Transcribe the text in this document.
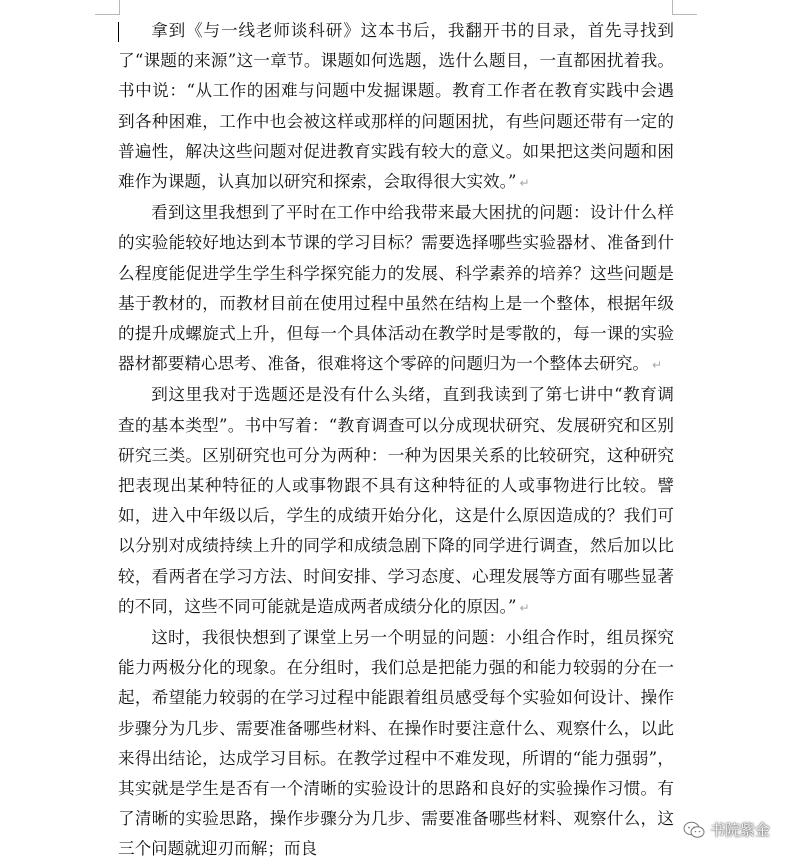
拿到《与一线老师谈科研》这本书后，我翻开书的目录，首先寻找到了“课题的来源”这一章节。课题如何选题，选什么题目，一直都困扰着我。书中说：“从工作的困难与问题中发掘课题。教育工作者在教育实践中会遇到各种困难，工作中也会被这样或那样的问题困扰，有些问题还带有一定的普遍性，解决这些问题对促进教育实践有较大的意义。如果把这类问题和困难作为课题，认真加以研究和探索，会取得很大实效。” ↵

看到这里我想到了平时在工作中给我带来最大困扰的问题：设计什么样的实验能较好地达到本节课的学习目标？需要选择哪些实验器材、准备到什么程度能促进学生学生科学探究能力的发展、科学素养的培养？这些问题是基于教材的，而教材目前在使用过程中虽然在结构上是一个整体，根据年级的提升成螺旋式上升，但每一个具体活动在教学时是零散的，每一课的实验器材都要精心思考、准备，很难将这个零碎的问题归为一个整体去研究。 ↵

到这里我对于选题还是没有什么头绪，直到我读到了第七讲中“教育调查的基本类型”。书中写着：“教育调查可以分成现状研究、发展研究和区别研究三类。区别研究也可分为两种：一种为因果关系的比较研究，这种研究把表现出某种特征的人或事物跟不具有这种特征的人或事物进行比较。譬如，进入中年级以后，学生的成绩开始分化，这是什么原因造成的？我们可以分别对成绩持续上升的同学和成绩急剧下降的同学进行调查，然后加以比较，看两者在学习方法、时间安排、学习态度、心理发展等方面有哪些显著的不同，这些不同可能就是造成两者成绩分化的原因。” ↵

这时，我很快想到了课堂上另一个明显的问题：小组合作时，组员探究能力两极分化的现象。在分组时，我们总是把能力强的和能力较弱的分在一起，希望能力较弱的在学习过程中能跟着组员感受每个实验如何设计、操作步骤分为几步、需要准备哪些材料、在操作时要注意什么、观察什么，以此来得出结论，达成学习目标。在教学过程中不难发现，所谓的“能力强弱”，其实就是学生是否有一个清晰的实验设计的思路和良好的实验操作习惯。有了清晰的实验思路，操作步骤分为几步、需要准备哪些材料、观察什么，这三个问题就迎刃而解；而良

书院紫金
